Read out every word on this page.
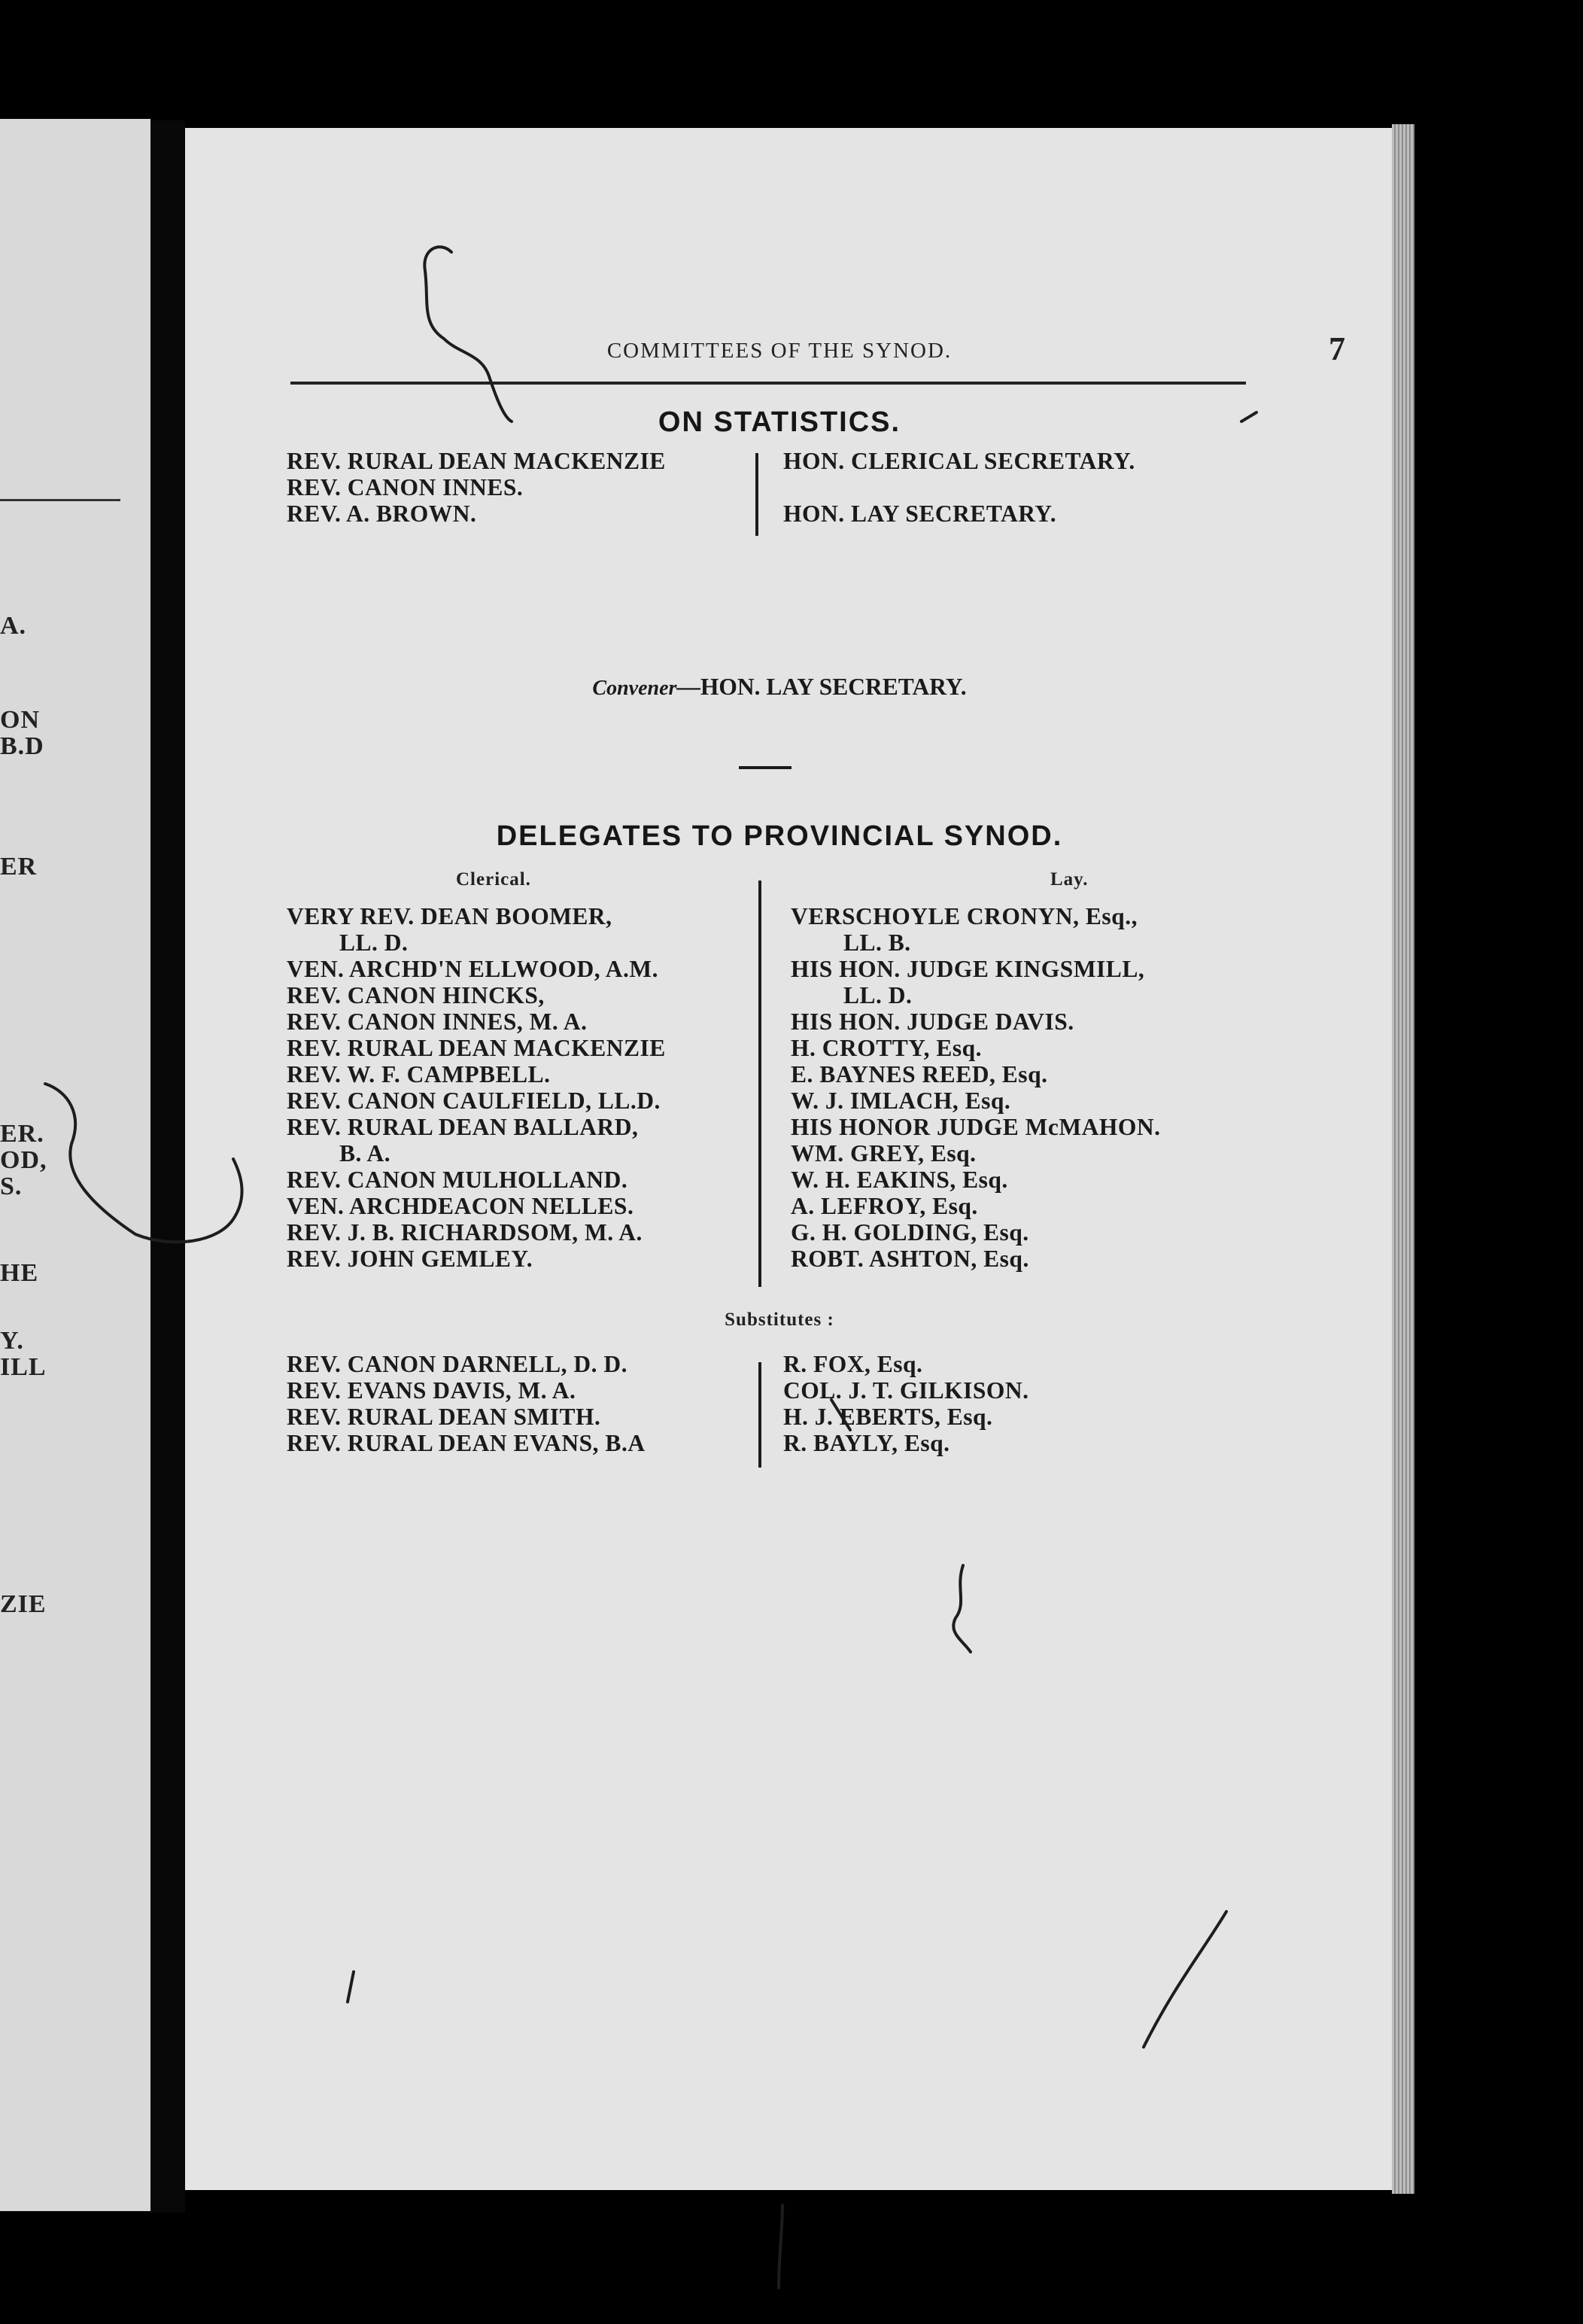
A.
ON
B.D
ER
ER.
OD,
S.
HE
Y.
ILL
ZIE
COMMITTEES OF THE SYNOD.	7
ON STATISTICS.
REV. RURAL DEAN MACKENZIE
REV. CANON INNES.
REV. A. BROWN.
HON. CLERICAL SECRETARY.
HON. LAY SECRETARY.
Convener—HON. LAY SECRETARY.
DELEGATES TO PROVINCIAL SYNOD.
Clerical.	Lay.
VERY REV. DEAN BOOMER,
LL. D.
VEN. ARCHD'N ELLWOOD, A.M.
REV. CANON HINCKS,
REV. CANON INNES, M. A.
REV. RURAL DEAN MACKENZIE
REV. W. F. CAMPBELL.
REV. CANON CAULFIELD, LL.D.
REV. RURAL DEAN BALLARD,
B. A.
REV. CANON MULHOLLAND.
VEN. ARCHDEACON NELLES.
REV. J. B. RICHARDSOM, M. A.
REV. JOHN GEMLEY.
VERSCHOYLE CRONYN, Esq.,
LL. B.
HIS HON. JUDGE KINGSMILL,
LL. D.
HIS HON. JUDGE DAVIS.
H. CROTTY, Esq.
E. BAYNES REED, Esq.
W. J. IMLACH, Esq.
HIS HONOR JUDGE McMAHON.
WM. GREY, Esq.
W. H. EAKINS, Esq.
A. LEFROY, Esq.
G. H. GOLDING, Esq.
ROBT. ASHTON, Esq.
Substitutes :
REV. CANON DARNELL, D. D.
REV. EVANS DAVIS, M. A.
REV. RURAL DEAN SMITH.
REV. RURAL DEAN EVANS, B.A
R. FOX, Esq.
COL. J. T. GILKISON.
H. J. EBERTS, Esq.
R. BAYLY, Esq.
